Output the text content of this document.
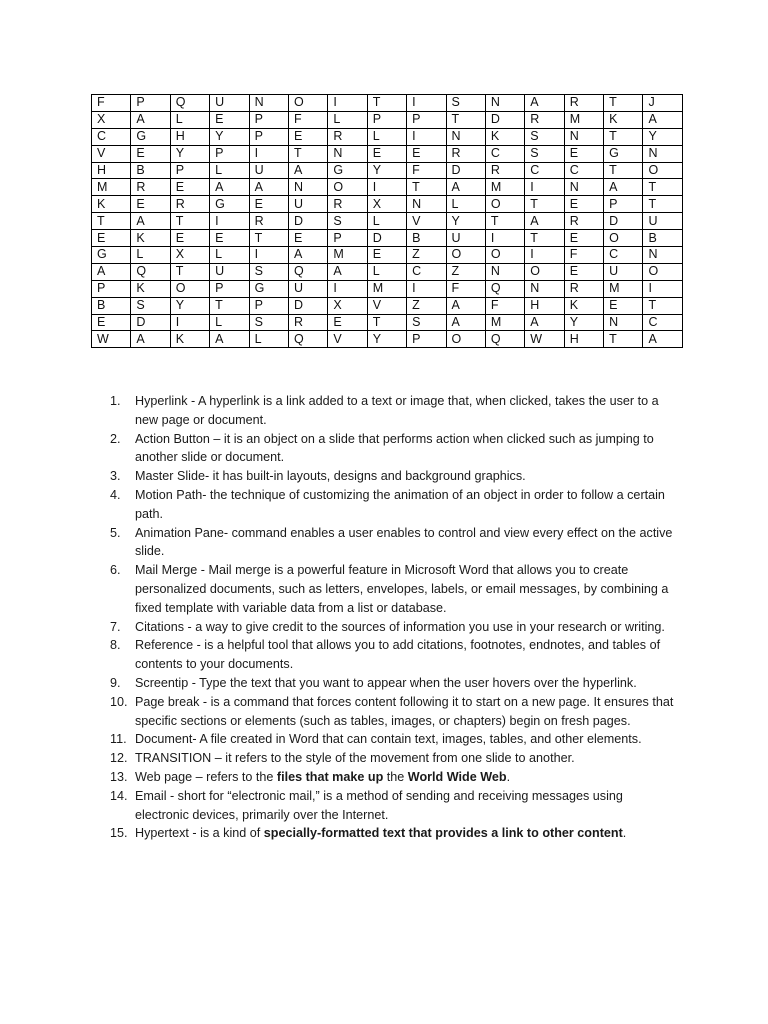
F	P	Q	U	N	O	I	T	I	S	N	A	R	T	J
X	A	L	E	P	F	L	P	P	T	D	R	M	K	A
C	G	H	Y	P	E	R	L	I	N	K	S	N	T	Y
V	E	Y	P	I	T	N	E	E	R	C	S	E	G	N
H	B	P	L	U	A	G	Y	F	D	R	C	C	T	O
M	R	E	A	A	N	O	I	T	A	M	I	N	A	T
K	E	R	G	E	U	R	X	N	L	O	T	E	P	T
T	A	T	I	R	D	S	L	V	Y	T	A	R	D	U
E	K	E	E	T	E	P	D	B	U	I	T	E	O	B
G	L	X	L	I	A	M	E	Z	O	O	I	F	C	N
A	Q	T	U	S	Q	A	L	C	Z	N	O	E	U	O
P	K	O	P	G	U	I	M	I	F	Q	N	R	M	I
B	S	Y	T	P	D	X	V	Z	A	F	H	K	E	T
E	D	I	L	S	R	E	T	S	A	M	A	Y	N	C
W	A	K	A	L	Q	V	Y	P	O	Q	W	H	T	A
1. Hyperlink - A hyperlink is a link added to a text or image that, when clicked, takes the user to a new page or document.
2. Action Button – it is an object on a slide that performs action when clicked such as jumping to another slide or document.
3. Master Slide- it has built-in layouts, designs and background graphics.
4. Motion Path- the technique of customizing the animation of an object in order to follow a certain path.
5. Animation Pane- command enables a user enables to control and view every effect on the active slide.
6. Mail Merge - Mail merge is a powerful feature in Microsoft Word that allows you to create personalized documents, such as letters, envelopes, labels, or email messages, by combining a fixed template with variable data from a list or database.
7. Citations - a way to give credit to the sources of information you use in your research or writing.
8. Reference - is a helpful tool that allows you to add citations, footnotes, endnotes, and tables of contents to your documents.
9. Screentip - Type the text that you want to appear when the user hovers over the hyperlink.
10. Page break - is a command that forces content following it to start on a new page. It ensures that specific sections or elements (such as tables, images, or chapters) begin on fresh pages.
11. Document- A file created in Word that can contain text, images, tables, and other elements.
12. TRANSITION – it refers to the style of the movement from one slide to another.
13. Web page – refers to the files that make up the World Wide Web.
14. Email - short for “electronic mail,” is a method of sending and receiving messages using electronic devices, primarily over the Internet.
15. Hypertext - is a kind of specially-formatted text that provides a link to other content.
